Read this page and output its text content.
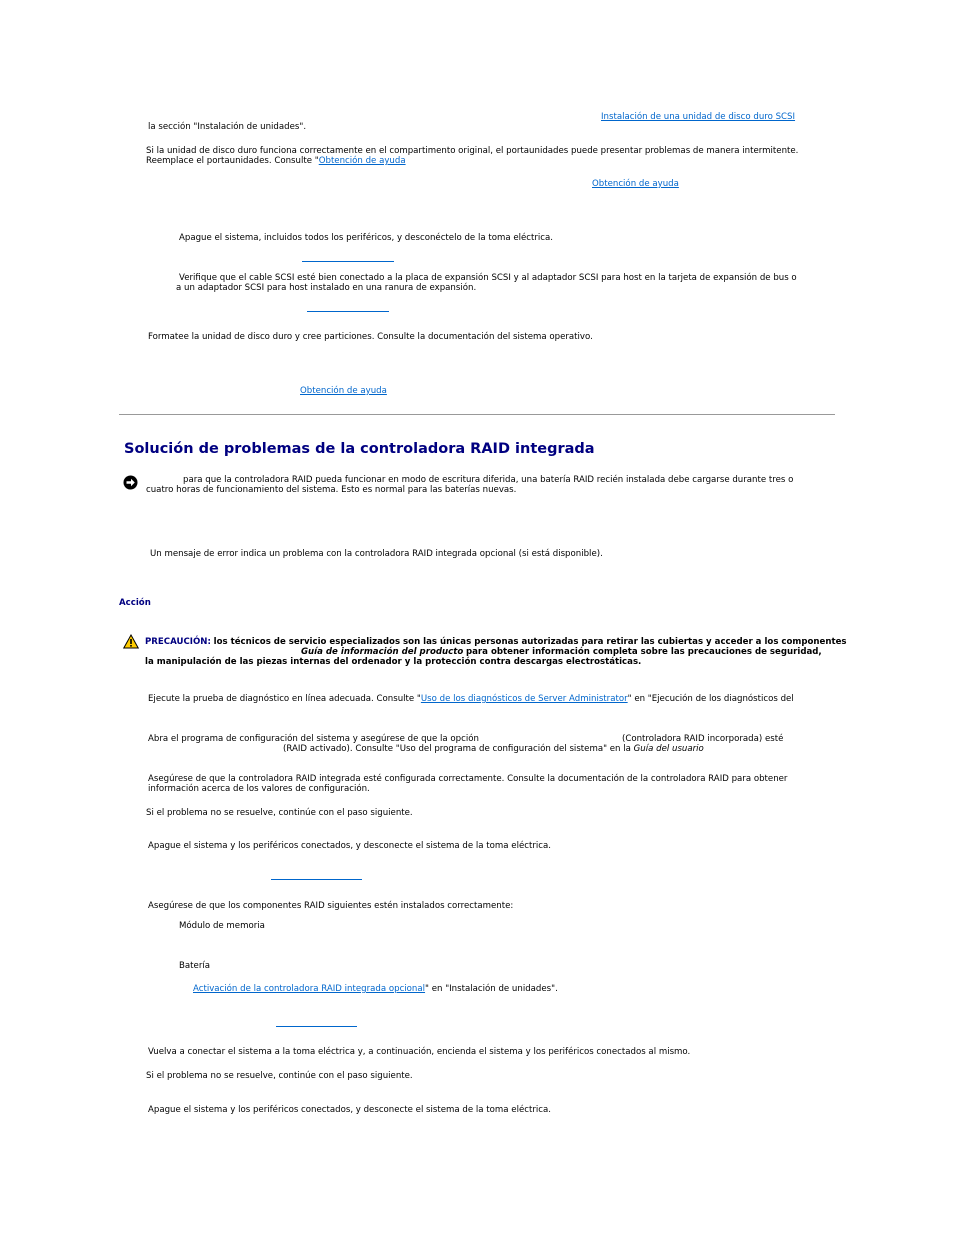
Instalación de una unidad de disco duro SCSI
la sección "Instalación de unidades".
Si la unidad de disco duro funciona correctamente en el compartimento original, el portaunidades puede presentar problemas de manera intermitente.
Reemplace el portaunidades. Consulte "Obtención de ayuda
Obtención de ayuda
Apague el sistema, incluidos todos los periféricos, y desconéctelo de la toma eléctrica.
Verifique que el cable SCSI esté bien conectado a la placa de expansión SCSI y al adaptador SCSI para host en la tarjeta de expansión de bus o
a un adaptador SCSI para host instalado en una ranura de expansión.
Formatee la unidad de disco duro y cree particiones. Consulte la documentación del sistema operativo.
Obtención de ayuda
Solución de problemas de la controladora RAID integrada
para que la controladora RAID pueda funcionar en modo de escritura diferida, una batería RAID recién instalada debe cargarse durante tres o
cuatro horas de funcionamiento del sistema. Esto es normal para las baterías nuevas.
Un mensaje de error indica un problema con la controladora RAID integrada opcional (si está disponible).
Acción
PRECAUCIÓN: los técnicos de servicio especializados son las únicas personas autorizadas para retirar las cubiertas y acceder a los componentes
Guía de información del producto para obtener información completa sobre las precauciones de seguridad,
la manipulación de las piezas internas del ordenador y la protección contra descargas electrostáticas.
Ejecute la prueba de diagnóstico en línea adecuada. Consulte "Uso de los diagnósticos de Server Administrator" en "Ejecución de los diagnósticos del
Abra el programa de configuración del sistema y asegúrese de que la opción	(Controladora RAID incorporada) esté
(RAID activado). Consulte "Uso del programa de configuración del sistema" en la Guía del usuario
Asegúrese de que la controladora RAID integrada esté configurada correctamente. Consulte la documentación de la controladora RAID para obtener
información acerca de los valores de configuración.
Si el problema no se resuelve, continúe con el paso siguiente.
Apague el sistema y los periféricos conectados, y desconecte el sistema de la toma eléctrica.
Asegúrese de que los componentes RAID siguientes estén instalados correctamente:
Módulo de memoria
Batería
Activación de la controladora RAID integrada opcional" en "Instalación de unidades".
Vuelva a conectar el sistema a la toma eléctrica y, a continuación, encienda el sistema y los periféricos conectados al mismo.
Si el problema no se resuelve, continúe con el paso siguiente.
Apague el sistema y los periféricos conectados, y desconecte el sistema de la toma eléctrica.
